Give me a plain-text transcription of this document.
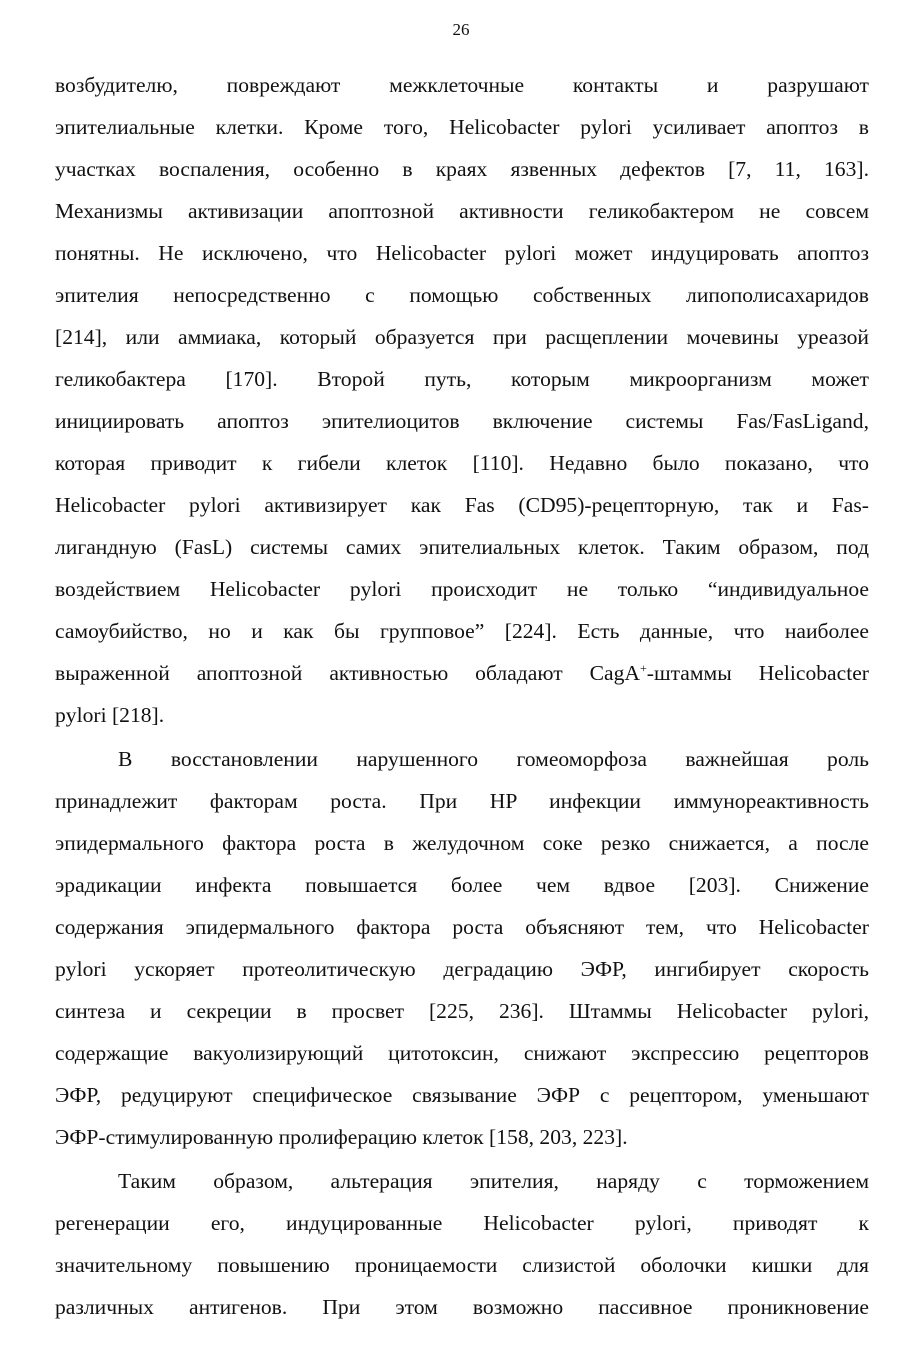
26
возбудителю, повреждают межклеточные контакты и разрушают
эпителиальные клетки. Кроме того, Helicobacter pylori усиливает апоптоз в
участках воспаления, особенно в краях язвенных дефектов [7, 11, 163].
Механизмы активизации апоптозной активности геликобактером не совсем
понятны. Не исключено, что Helicobacter pylori может индуцировать апоптоз
эпителия непосредственно с помощью собственных липополисахаридов
[214], или аммиака, который образуется при расщеплении мочевины уреазой
геликобактера [170]. Второй путь, которым микроорганизм может
инициировать апоптоз эпителиоцитов включение системы Fas/FasLigand,
которая приводит к гибели клеток [110]. Недавно было показано, что
Helicobacter pylori активизирует как Fas (CD95)-рецепторную, так и Fas-
лигандную (FasL) системы самих эпителиальных клеток. Таким образом, под
воздействием Helicobacter pylori происходит не только “индивидуальное
самоубийство, но и как бы групповое” [224]. Есть данные, что наиболее
выраженной апоптозной активностью обладают CagA+-штаммы Helicobacter
pylori [218].
В восстановлении нарушенного гомеоморфоза важнейшая роль
принадлежит факторам роста. При HP инфекции иммунореактивность
эпидермального фактора роста в желудочном соке резко снижается, а после
эрадикации инфекта повышается более чем вдвое [203]. Снижение
содержания эпидермального фактора роста объясняют тем, что Helicobacter
pylori ускоряет протеолитическую деградацию ЭФР, ингибирует скорость
синтеза и секреции в просвет [225, 236]. Штаммы Helicobacter pylori,
содержащие вакуолизирующий цитотоксин, снижают экспрессию рецепторов
ЭФР, редуцируют специфическое связывание ЭФР с рецептором, уменьшают
ЭФР-стимулированную пролиферацию клеток [158, 203, 223].
Таким образом, альтерация эпителия, наряду с торможением
регенерации его, индуцированные Helicobacter pylori, приводят к
значительному повышению проницаемости слизистой оболочки кишки для
различных антигенов. При этом возможно пассивное проникновение
